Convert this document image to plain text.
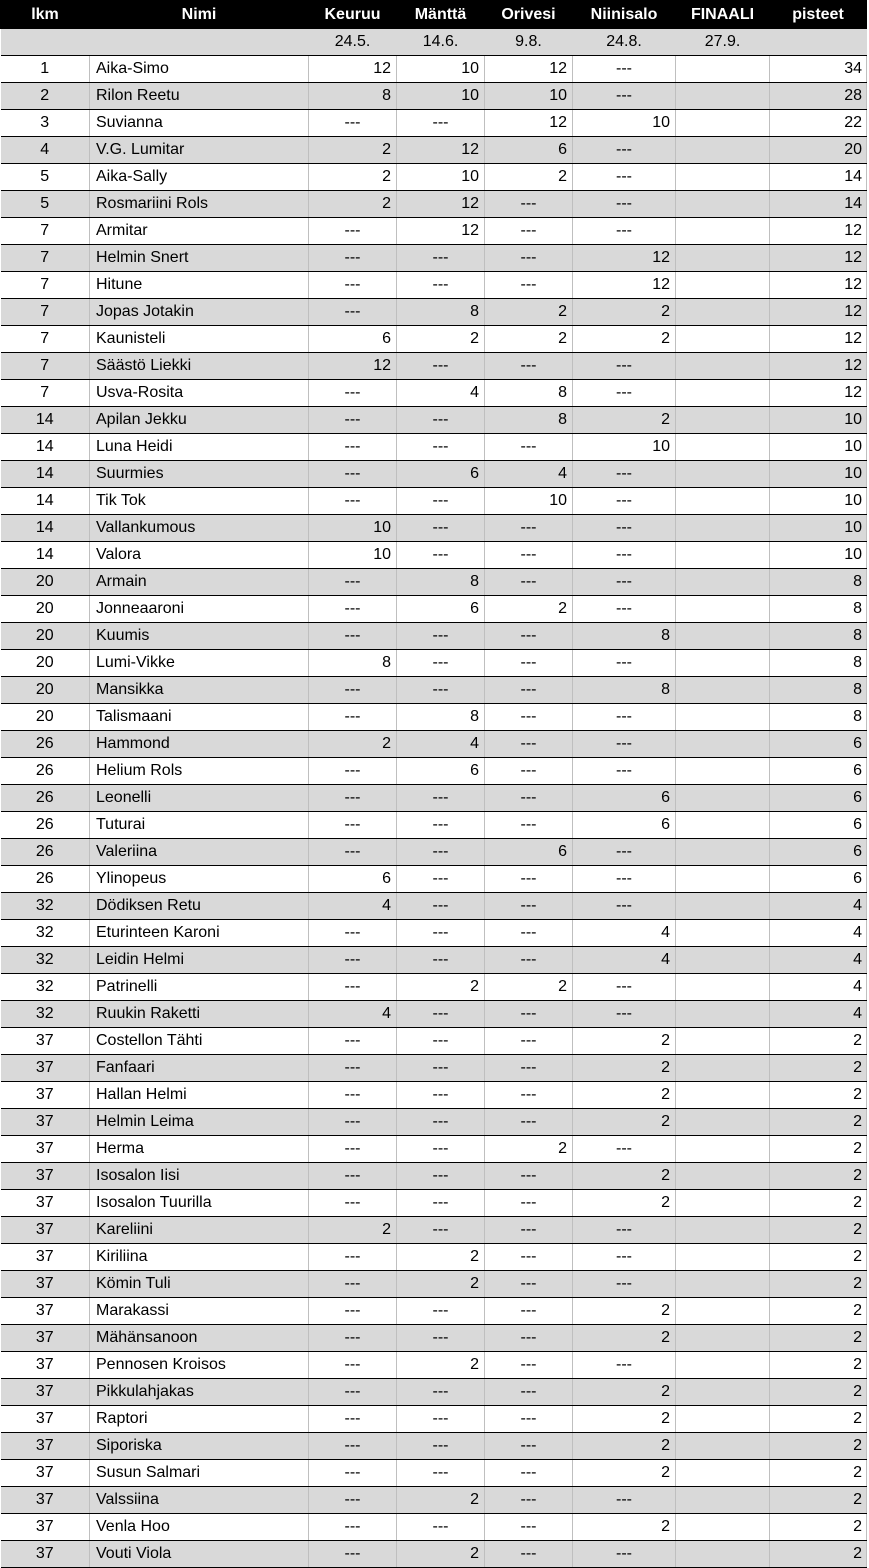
lkm	Nimi	Keuruu	Mänttä	Orivesi	Niinisalo	FINAALI	pisteet
		24.5.	14.6.	9.8.	24.8.	27.9.	
1	Aika-Simo	12	10	12	---		34
2	Rilon Reetu	8	10	10	---		28
3	Suvianna	---	---	12	10		22
4	V.G. Lumitar	2	12	6	---		20
5	Aika-Sally	2	10	2	---		14
5	Rosmariini Rols	2	12	---	---		14
7	Armitar	---	12	---	---		12
7	Helmin Snert	---	---	---	12		12
7	Hitune	---	---	---	12		12
7	Jopas Jotakin	---	8	2	2		12
7	Kaunisteli	6	2	2	2		12
7	Säästö Liekki	12	---	---	---		12
7	Usva-Rosita	---	4	8	---		12
14	Apilan Jekku	---	---	8	2		10
14	Luna Heidi	---	---	---	10		10
14	Suurmies	---	6	4	---		10
14	Tik Tok	---	---	10	---		10
14	Vallankumous	10	---	---	---		10
14	Valora	10	---	---	---		10
20	Armain	---	8	---	---		8
20	Jonneaaroni	---	6	2	---		8
20	Kuumis	---	---	---	8		8
20	Lumi-Vikke	8	---	---	---		8
20	Mansikka	---	---	---	8		8
20	Talismaani	---	8	---	---		8
26	Hammond	2	4	---	---		6
26	Helium Rols	---	6	---	---		6
26	Leonelli	---	---	---	6		6
26	Tuturai	---	---	---	6		6
26	Valeriina	---	---	6	---		6
26	Ylinopeus	6	---	---	---		6
32	Dödiksen Retu	4	---	---	---		4
32	Eturinteen Karoni	---	---	---	4		4
32	Leidin Helmi	---	---	---	4		4
32	Patrinelli	---	2	2	---		4
32	Ruukin Raketti	4	---	---	---		4
37	Costellon Tähti	---	---	---	2		2
37	Fanfaari	---	---	---	2		2
37	Hallan Helmi	---	---	---	2		2
37	Helmin Leima	---	---	---	2		2
37	Herma	---	---	2	---		2
37	Isosalon Iisi	---	---	---	2		2
37	Isosalon Tuurilla	---	---	---	2		2
37	Kareliini	2	---	---	---		2
37	Kiriliina	---	2	---	---		2
37	Kömin Tuli	---	2	---	---		2
37	Marakassi	---	---	---	2		2
37	Mähänsanoon	---	---	---	2		2
37	Pennosen Kroisos	---	2	---	---		2
37	Pikkulahjakas	---	---	---	2		2
37	Raptori	---	---	---	2		2
37	Siporiska	---	---	---	2		2
37	Susun Salmari	---	---	---	2		2
37	Valssiina	---	2	---	---		2
37	Venla Hoo	---	---	---	2		2
37	Vouti Viola	---	2	---	---		2
